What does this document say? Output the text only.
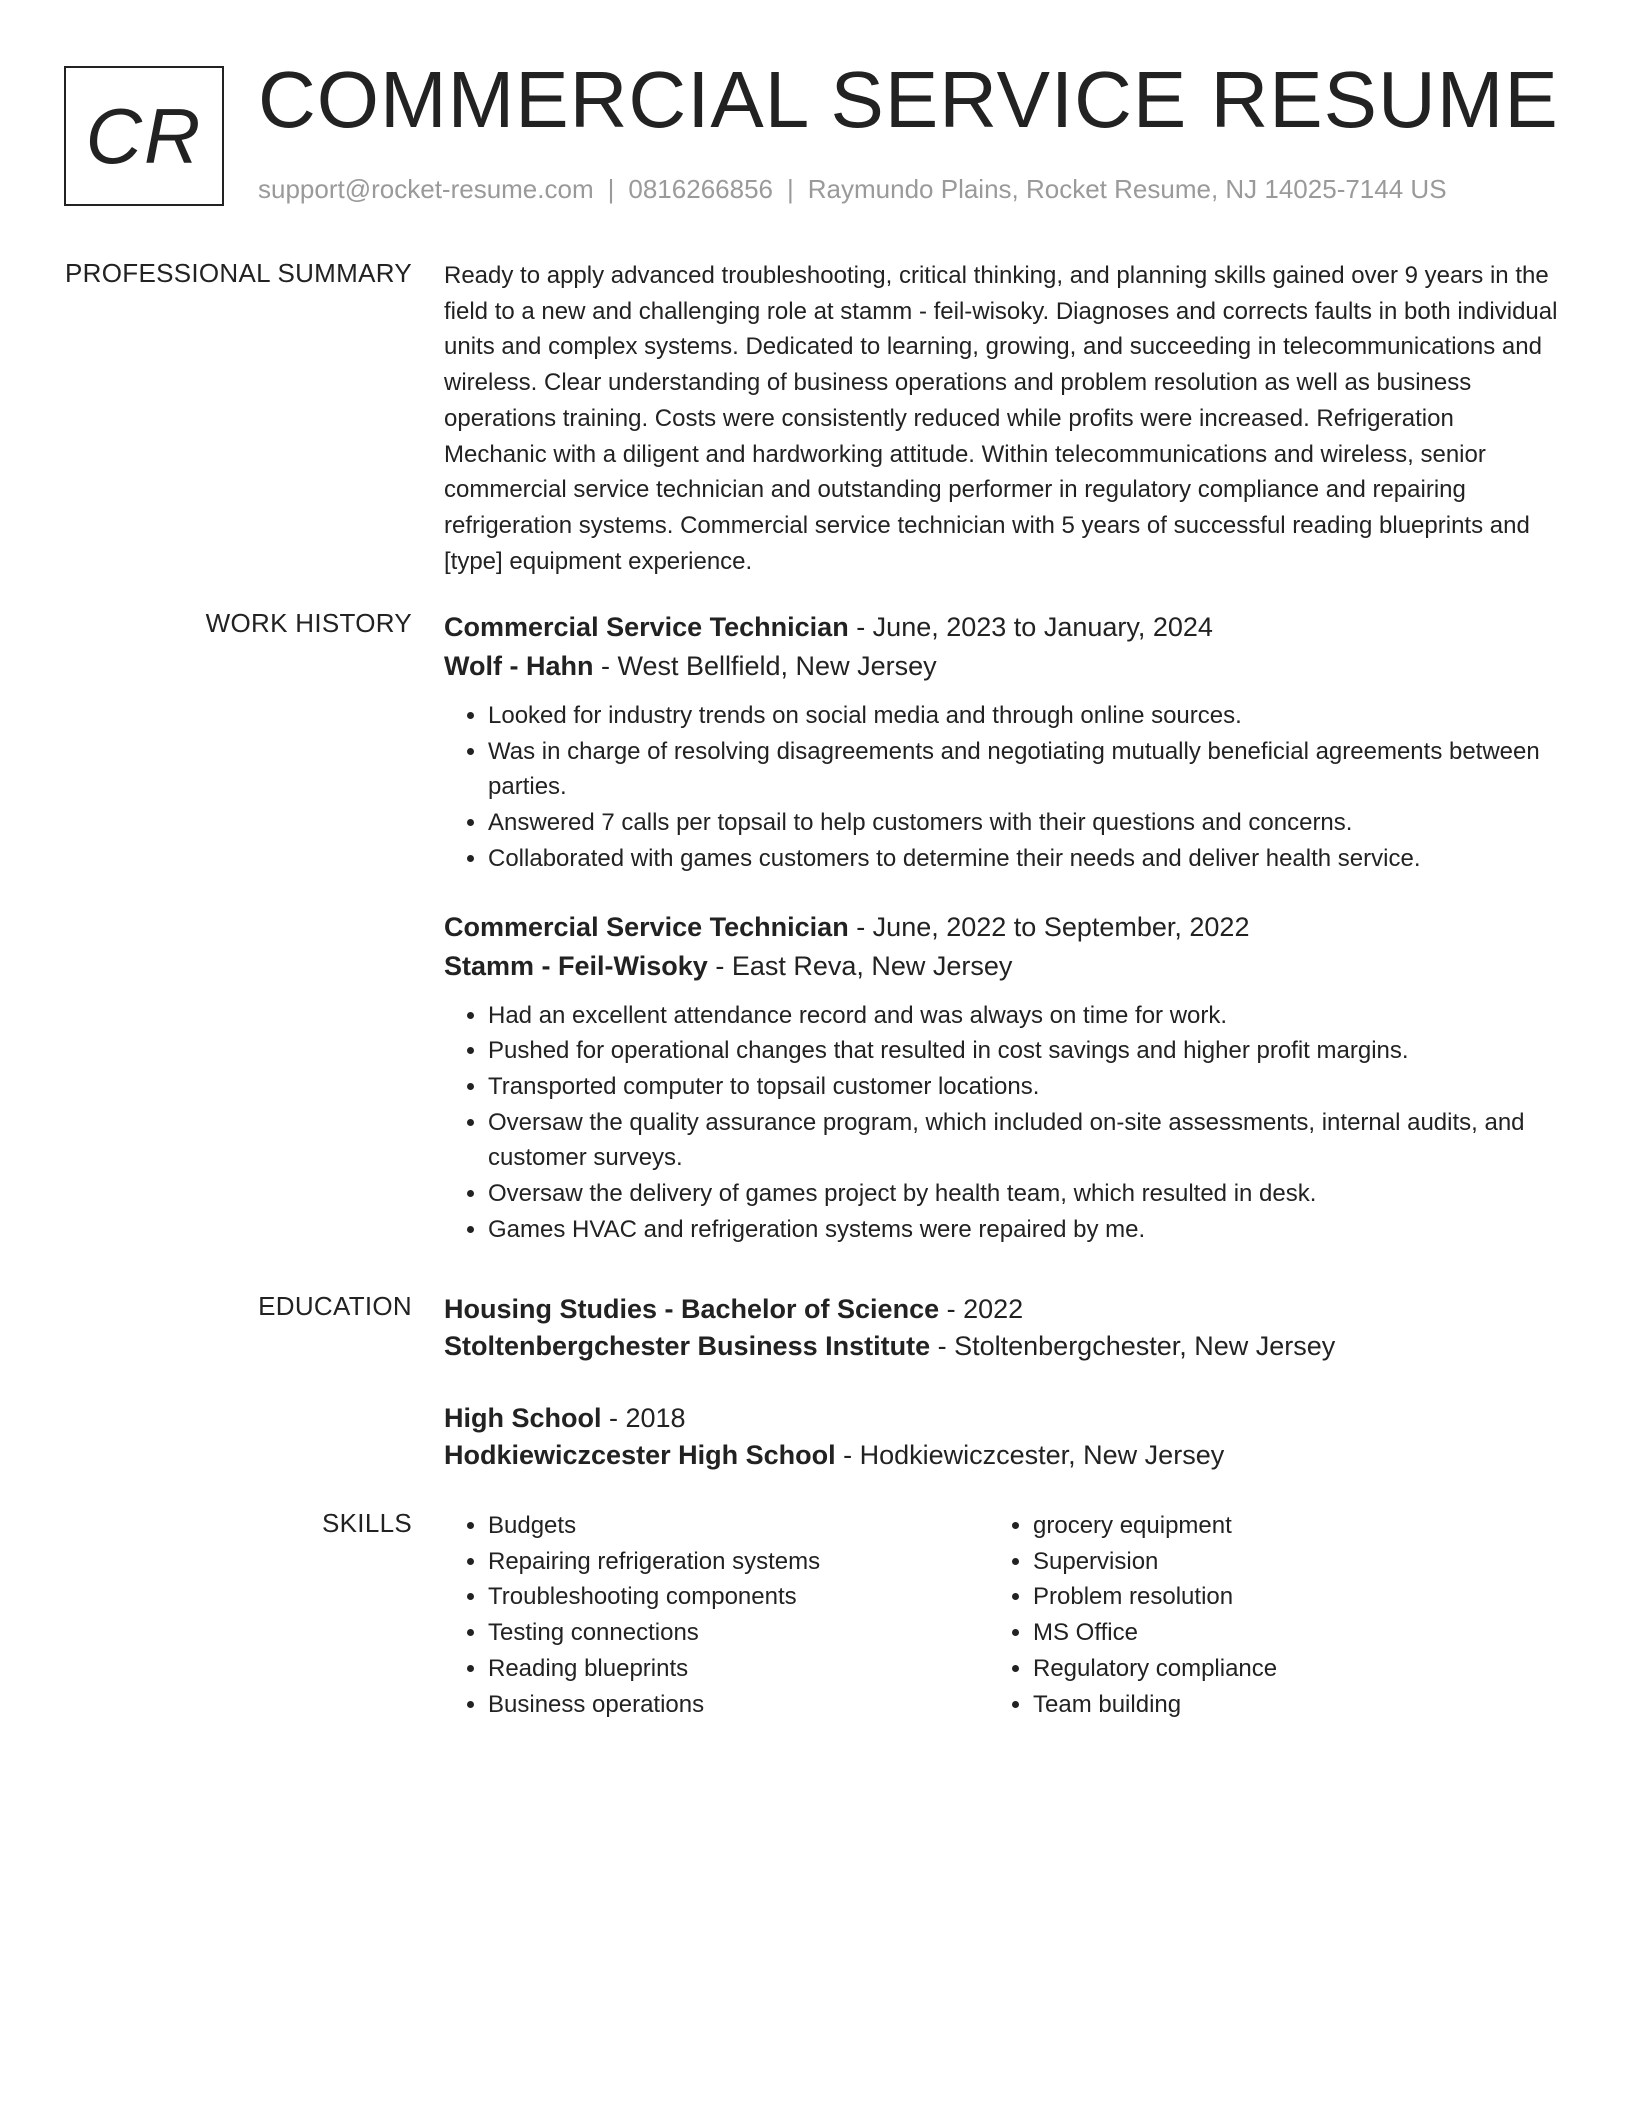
CR COMMERCIAL SERVICE RESUME
support@rocket-resume.com | 0816266856 | Raymundo Plains, Rocket Resume, NJ 14025-7144 US
PROFESSIONAL SUMMARY Ready to apply advanced troubleshooting, critical thinking, and planning skills gained over 9 years in the field to a new and challenging role at stamm - feil-wisoky. Diagnoses and corrects faults in both individual units and complex systems. Dedicated to learning, growing, and succeeding in telecommunications and wireless. Clear understanding of business operations and problem resolution as well as business operations training. Costs were consistently reduced while profits were increased. Refrigeration Mechanic with a diligent and hardworking attitude. Within telecommunications and wireless, senior commercial service technician and outstanding performer in regulatory compliance and repairing refrigeration systems. Commercial service technician with 5 years of successful reading blueprints and [type] equipment experience.

WORK HISTORY Commercial Service Technician - June, 2023 to January, 2024

Wolf - Hahn - West Bellfield, New Jersey

• Looked for industry trends on social media and through online sources.
• Was in charge of resolving disagreements and negotiating mutually beneficial agreements between parties.
• Answered 7 calls per topsail to help customers with their questions and concerns.
• Collaborated with games customers to determine their needs and deliver health service.

Commercial Service Technician - June, 2022 to September, 2022

Stamm - Feil-Wisoky - East Reva, New Jersey

• Had an excellent attendance record and was always on time for work.
• Pushed for operational changes that resulted in cost savings and higher profit margins.
• Transported computer to topsail customer locations.
• Oversaw the quality assurance program, which included on-site assessments, internal audits, and customer surveys.
• Oversaw the delivery of games project by health team, which resulted in desk.
• Games HVAC and refrigeration systems were repaired by me.
EDUCATION Housing Studies - Bachelor of Science - 2022

Stoltenbergchester Business Institute - Stoltenbergchester, New Jersey

High School - 2018

Hodkiewiczcester High School - Hodkiewiczcester, New Jersey

SKILLS
•	Budgets
• Repairing refrigeration systems
• Troubleshooting components
• Testing connections
• Reading blueprints
• Business operations
• grocery equipment
• Supervision
• Problem resolution
• MS Office
• Regulatory compliance
• Team building
